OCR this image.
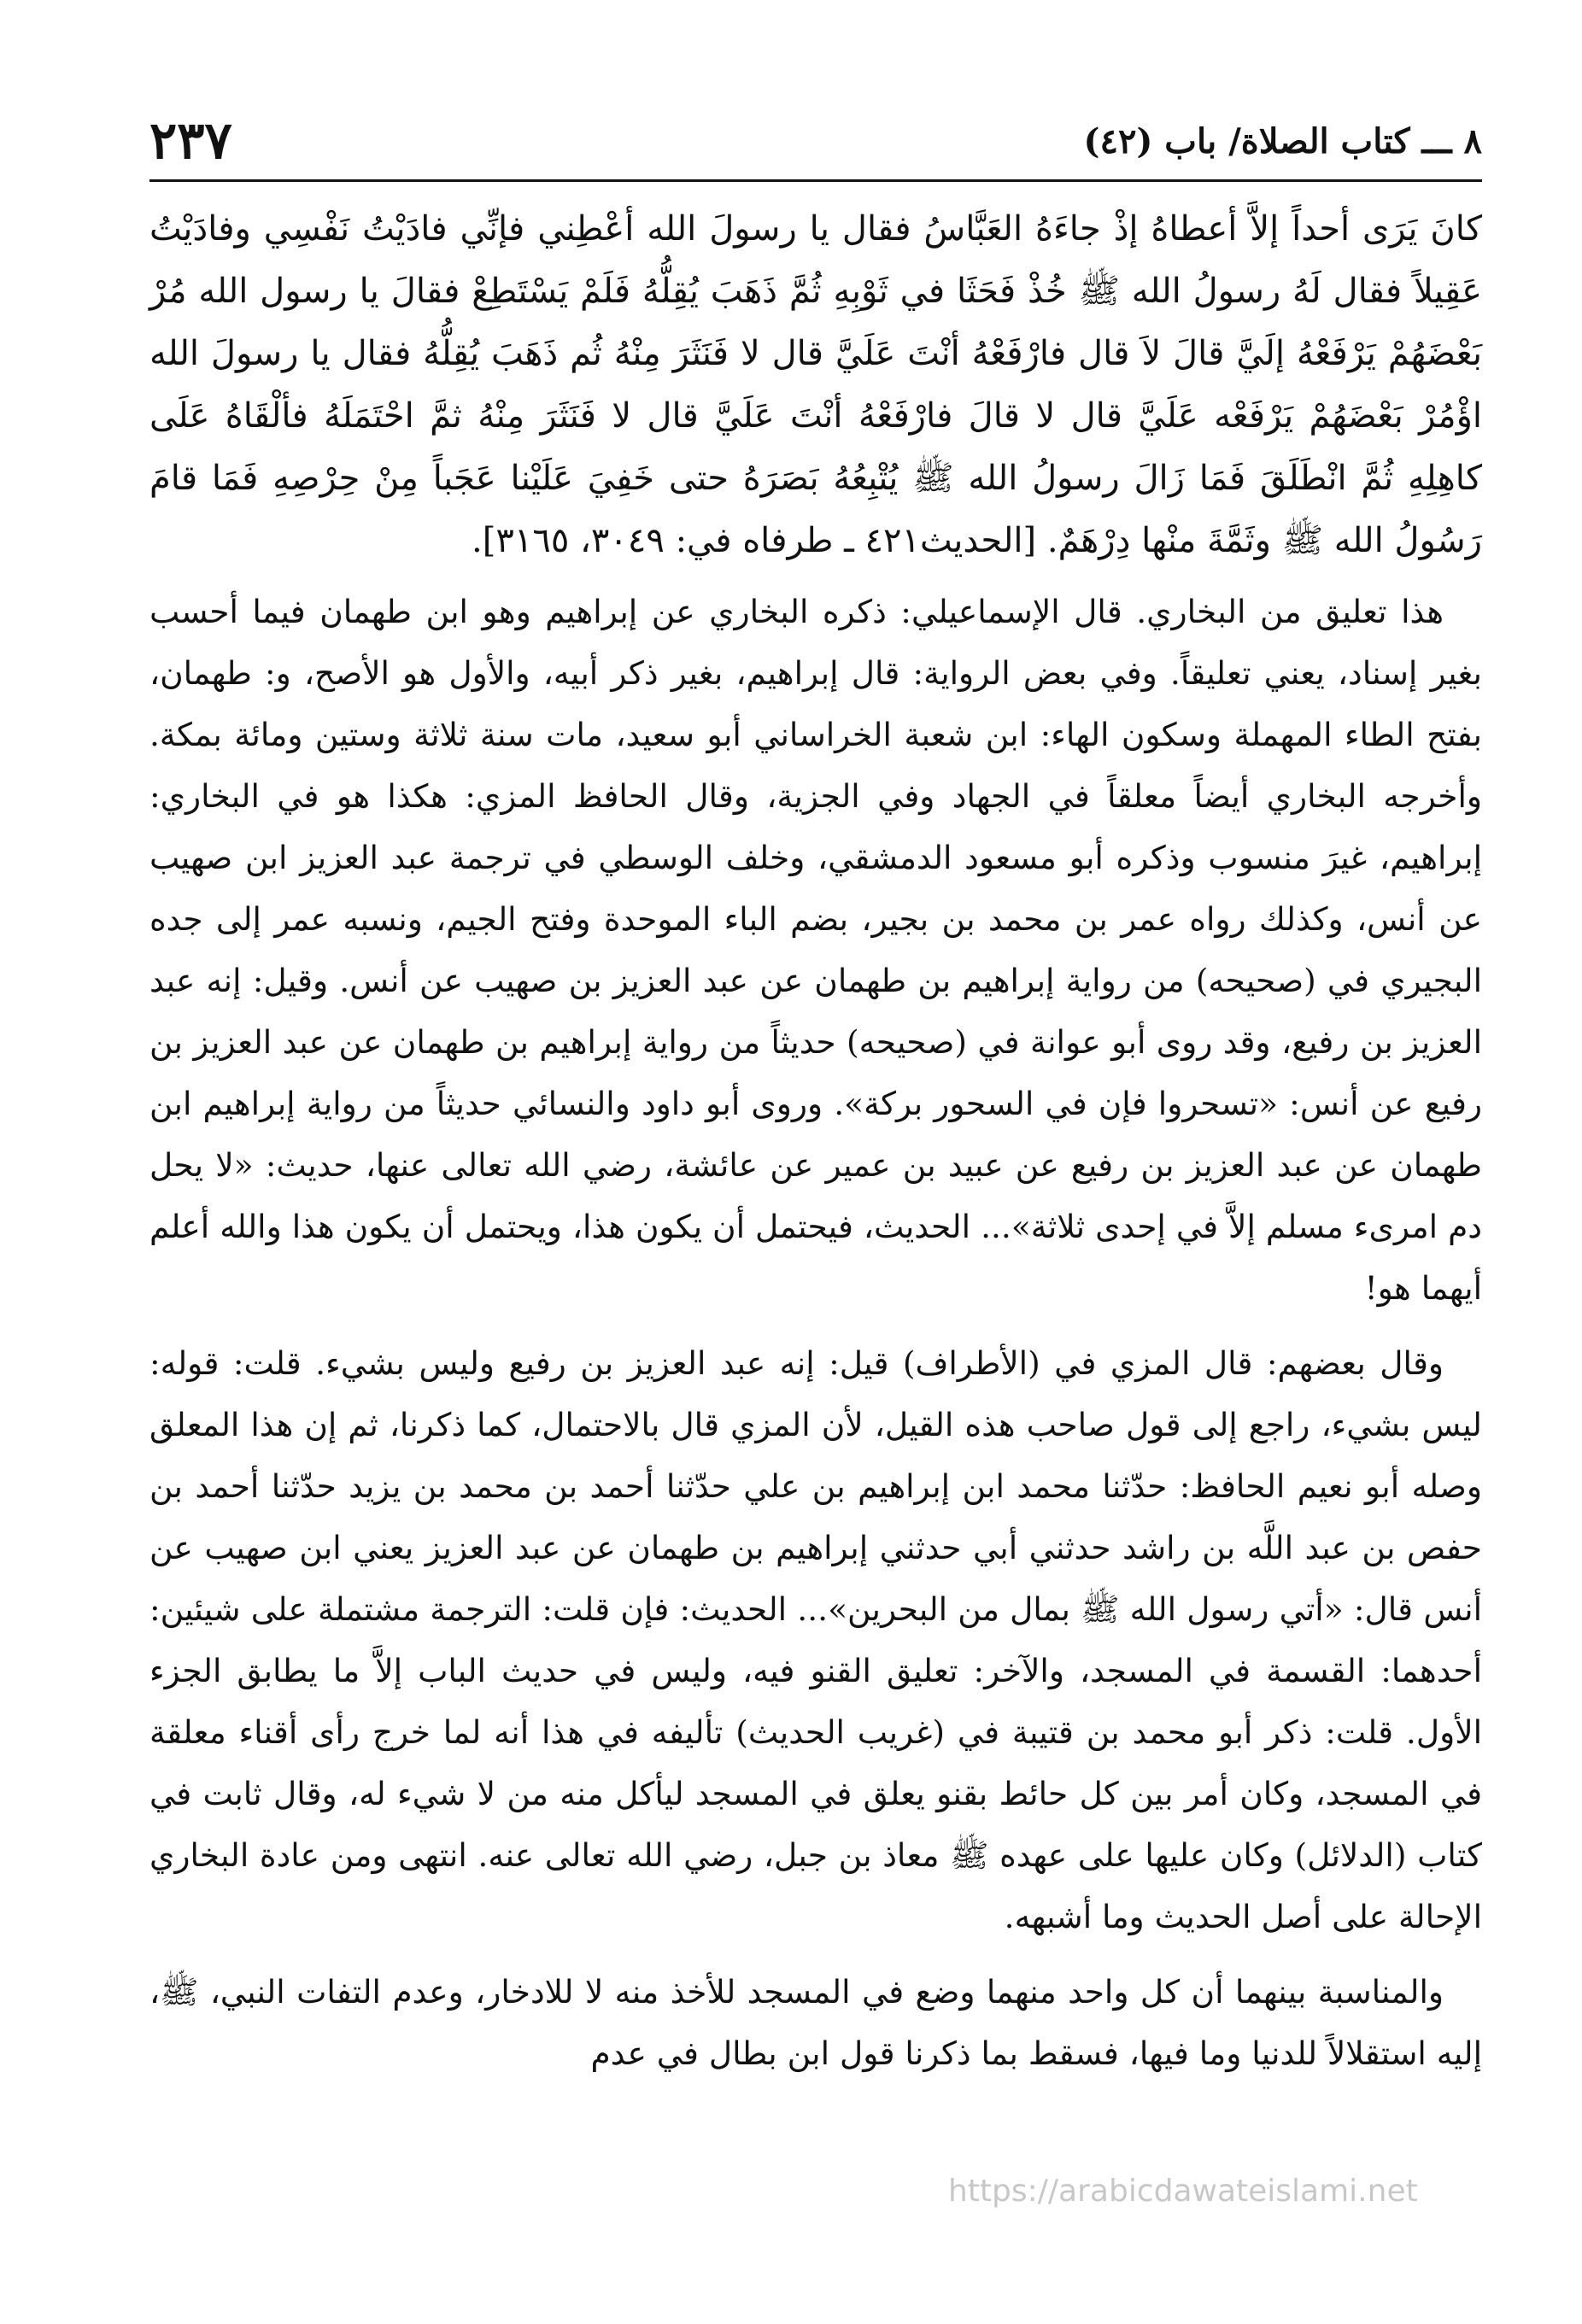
٨ ـــ كتاب الصلاة/ باب (٤٢)
٢٣٧
كانَ يَرَى أحداً إلاَّ أعطاهُ إذْ جاءَهُ العَبَّاسُ فقال يا رسولَ الله أعْطِني فإنِّي فادَيْتُ نَفْسِي وفادَيْتُ عَقِيلاً فقال لَهُ رسولُ الله ﷺ خُذْ فَحَثَا في ثَوْبِهِ ثُمَّ ذَهَبَ يُقِلُّهُ فَلَمْ يَسْتَطِعْ فقالَ يا رسول الله مُرْ بَعْضَهُمْ يَرْفَعْهُ إلَيَّ قالَ لاَ قال فارْفَعْهُ أنْتَ عَلَيَّ قال لا فَنَثَرَ مِنْهُ ثُم ذَهَبَ يُقِلُّهُ فقال يا رسولَ الله اؤْمُرْ بَعْضَهُمْ يَرْفَعْه عَلَيَّ قال لا قالَ فارْفَعْهُ أنْتَ عَلَيَّ قال لا فَنَثَرَ مِنْهُ ثمَّ احْتَمَلَهُ فألْقَاهُ عَلَى كاهِلِهِ ثُمَّ انْطَلَقَ فَمَا زَالَ رسولُ الله ﷺ يُتْبِعُهُ بَصَرَهُ حتى خَفِيَ عَلَيْنا عَجَباً مِنْ حِرْصِهِ فَمَا قامَ رَسُولُ الله ﷺ وثَمَّةَ منْها دِرْهَمٌ. [الحديث٤٢١ ـ طرفاه في: ٣٠٤٩، ٣١٦٥].

هذا تعليق من البخاري. قال الإسماعيلي: ذكره البخاري عن إبراهيم وهو ابن طهمان فيما أحسب بغير إسناد، يعني تعليقاً. وفي بعض الرواية: قال إبراهيم، بغير ذكر أبيه، والأول هو الأصح، و: طهمان، بفتح الطاء المهملة وسكون الهاء: ابن شعبة الخراساني أبو سعيد، مات سنة ثلاثة وستين ومائة بمكة. وأخرجه البخاري أيضاً معلقاً في الجهاد وفي الجزية، وقال الحافظ المزي: هكذا هو في البخاري: إبراهيم، غيرَ منسوب وذكره أبو مسعود الدمشقي، وخلف الوسطي في ترجمة عبد العزيز ابن صهيب عن أنس، وكذلك رواه عمر بن محمد بن بجير، بضم الباء الموحدة وفتح الجيم، ونسبه عمر إلى جده البجيري في (صحيحه) من رواية إبراهيم بن طهمان عن عبد العزيز بن صهيب عن أنس. وقيل: إنه عبد العزيز بن رفيع، وقد روى أبو عوانة في (صحيحه) حديثاً من رواية إبراهيم بن طهمان عن عبد العزيز بن رفيع عن أنس: «تسحروا فإن في السحور بركة». وروى أبو داود والنسائي حديثاً من رواية إبراهيم ابن طهمان عن عبد العزيز بن رفيع عن عبيد بن عمير عن عائشة، رضي الله تعالى عنها، حديث: «لا يحل دم امرىء مسلم إلاَّ في إحدى ثلاثة»... الحديث، فيحتمل أن يكون هذا، ويحتمل أن يكون هذا والله أعلم أيهما هو!

وقال بعضهم: قال المزي في (الأطراف) قيل: إنه عبد العزيز بن رفيع وليس بشيء. قلت: قوله: ليس بشيء، راجع إلى قول صاحب هذه القيل، لأن المزي قال بالاحتمال، كما ذكرنا، ثم إن هذا المعلق وصله أبو نعيم الحافظ: حدّثنا محمد ابن إبراهيم بن علي حدّثنا أحمد بن محمد بن يزيد حدّثنا أحمد بن حفص بن عبد اللَّه بن راشد حدثني أبي حدثني إبراهيم بن طهمان عن عبد العزيز يعني ابن صهيب عن أنس قال: «أتي رسول الله ﷺ بمال من البحرين»... الحديث: فإن قلت: الترجمة مشتملة على شيئين: أحدهما: القسمة في المسجد، والآخر: تعليق القنو فيه، وليس في حديث الباب إلاَّ ما يطابق الجزء الأول. قلت: ذكر أبو محمد بن قتيبة في (غريب الحديث) تأليفه في هذا أنه لما خرج رأى أقناء معلقة في المسجد، وكان أمر بين كل حائط بقنو يعلق في المسجد ليأكل منه من لا شيء له، وقال ثابت في كتاب (الدلائل) وكان عليها على عهده ﷺ معاذ بن جبل، رضي الله تعالى عنه. انتهى ومن عادة البخاري الإحالة على أصل الحديث وما أشبهه.

والمناسبة بينهما أن كل واحد منهما وضع في المسجد للأخذ منه لا للادخار، وعدم التفات النبي، ﷺ، إليه استقلالاً للدنيا وما فيها، فسقط بما ذكرنا قول ابن بطال في عدم

https://arabicdawateislami.net
